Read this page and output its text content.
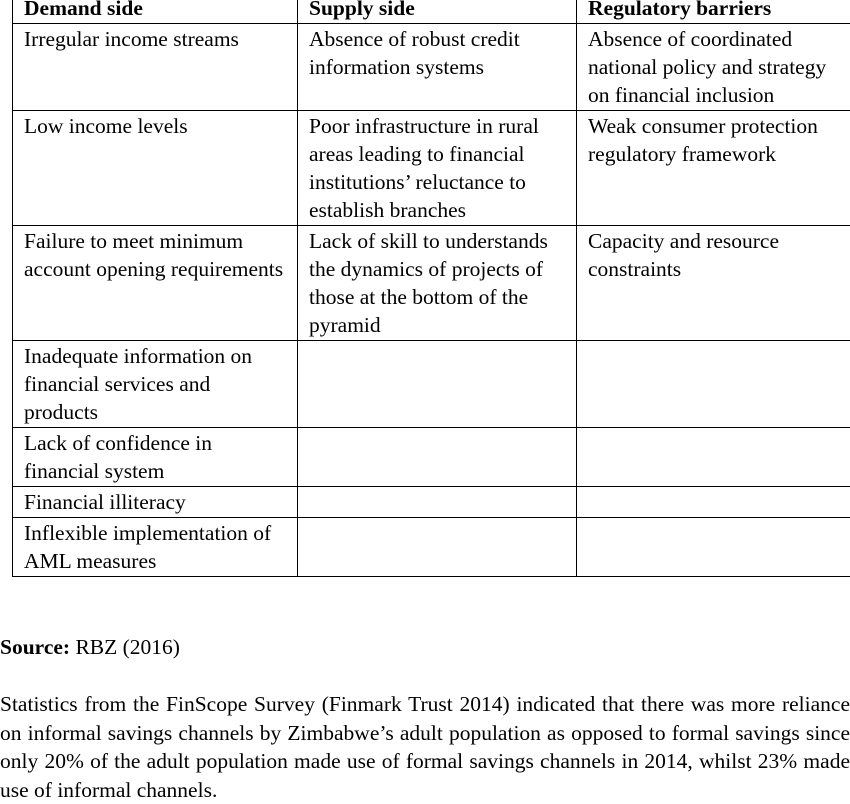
Demand side	Supply side	Regulatory barriers
Irregular income streams	Absence of robust credit information systems	Absence of coordinated national policy and strategy on financial inclusion
Low income levels	Poor infrastructure in rural areas leading to financial institutions’ reluctance to establish branches	Weak consumer protection regulatory framework
Failure to meet minimum account opening requirements	Lack of skill to understands the dynamics of projects of those at the bottom of the pyramid	Capacity and resource constraints
Inadequate information on financial services and products		
Lack of confidence in financial system		
Financial illiteracy		
Inflexible implementation of AML measures		
Source: RBZ (2016)

Statistics from the FinScope Survey (Finmark Trust 2014) indicated that there was more reliance on informal savings channels by Zimbabwe’s adult population as opposed to formal savings since only 20% of the adult population made use of formal savings channels in 2014, whilst 23% made use of informal channels.
